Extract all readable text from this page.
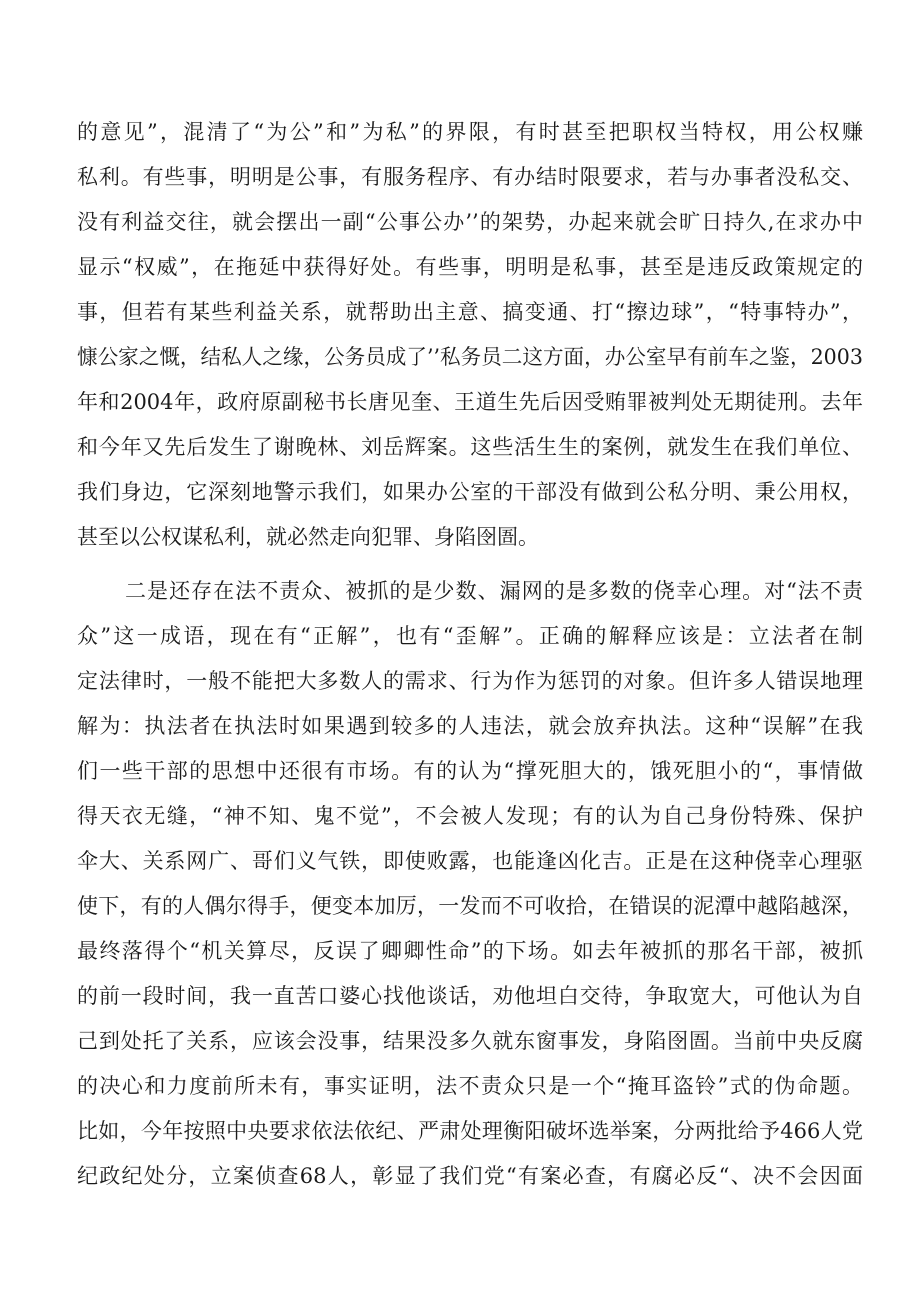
的意见”，混清了“为公”和”为私”的界限，有时甚至把职权当特权，用公权赚
私利。有些事，明明是公事，有服务程序、有办结时限要求，若与办事者没私交、
没有利益交往，就会摆出一副“公事公办’’的架势，办起来就会旷日持久,在求办中
显示“权威”，在拖延中获得好处。有些事，明明是私事，甚至是违反政策规定的
事，但若有某些利益关系，就帮助出主意、搞变通、打“擦边球”，“特事特办”，
慷公家之慨，结私人之缘，公务员成了’’私务员二这方面，办公室早有前车之鉴，2003
年和2004年，政府原副秘书长唐见奎、王道生先后因受贿罪被判处无期徒刑。去年
和今年又先后发生了谢晚林、刘岳辉案。这些活生生的案例，就发生在我们单位、
我们身边，它深刻地警示我们，如果办公室的干部没有做到公私分明、秉公用权，
甚至以公权谋私利，就必然走向犯罪、身陷囹圄。
二是还存在法不责众、被抓的是少数、漏网的是多数的侥幸心理。对“法不责
众”这一成语，现在有“正解”，也有“歪解”。正确的解释应该是：立法者在制
定法律时，一般不能把大多数人的需求、行为作为惩罚的对象。但许多人错误地理
解为：执法者在执法时如果遇到较多的人违法，就会放弃执法。这种“误解”在我
们一些干部的思想中还很有市场。有的认为“撑死胆大的，饿死胆小的“，事情做
得天衣无缝，“神不知、鬼不觉”，不会被人发现；有的认为自己身份特殊、保护
伞大、关系网广、哥们义气铁，即使败露，也能逢凶化吉。正是在这种侥幸心理驱
使下，有的人偶尔得手，便变本加厉，一发而不可收拾，在错误的泥潭中越陷越深，
最终落得个“机关算尽，反误了卿卿性命”的下场。如去年被抓的那名干部，被抓
的前一段时间，我一直苦口婆心找他谈话，劝他坦白交待，争取宽大，可他认为自
己到处托了关系，应该会没事，结果没多久就东窗事发，身陷囹圄。当前中央反腐
的决心和力度前所未有，事实证明，法不责众只是一个“掩耳盗铃”式的伪命题。
比如，今年按照中央要求依法依纪、严肃处理衡阳破坏选举案，分两批给予466人党
纪政纪处分，立案侦查68人，彰显了我们党“有案必查，有腐必反“、决不会因面
